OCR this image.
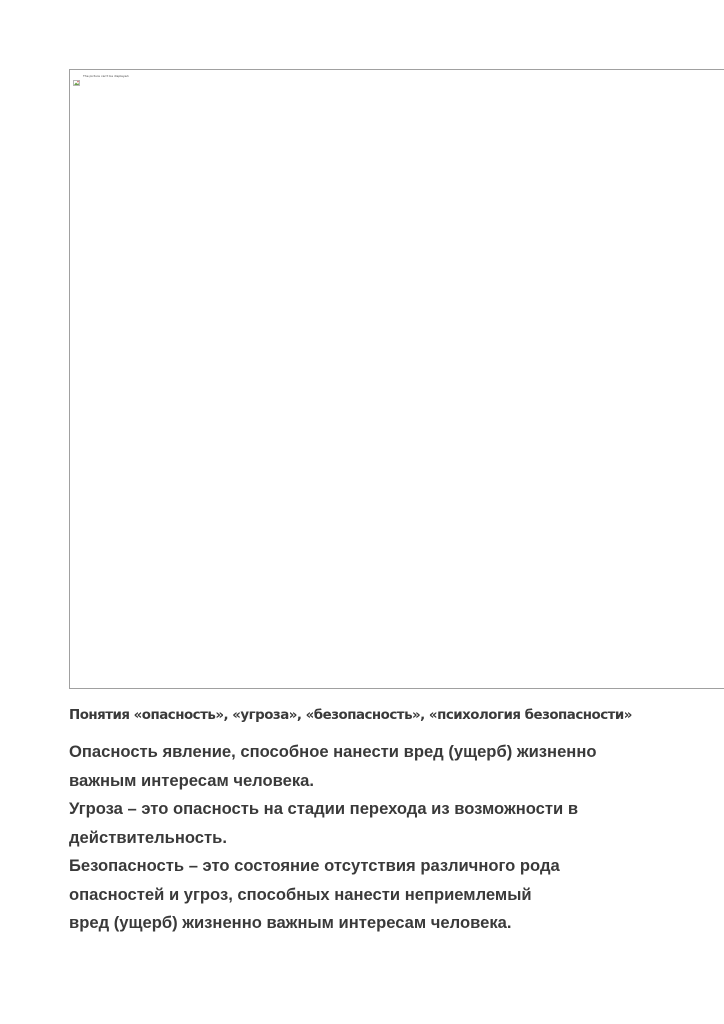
The picture can't be displayed.
Понятия «опасность», «угроза», «безопасность», «психология безопасности»
Опасность явление, способное нанести вред (ущерб) жизненно
важным интересам человека.
Угроза – это опасность на стадии перехода из возможности в
действительность.
Безопасность – это состояние отсутствия различного рода
опасностей и угроз, способных нанести неприемлемый
вред (ущерб) жизненно важным интересам человека.
